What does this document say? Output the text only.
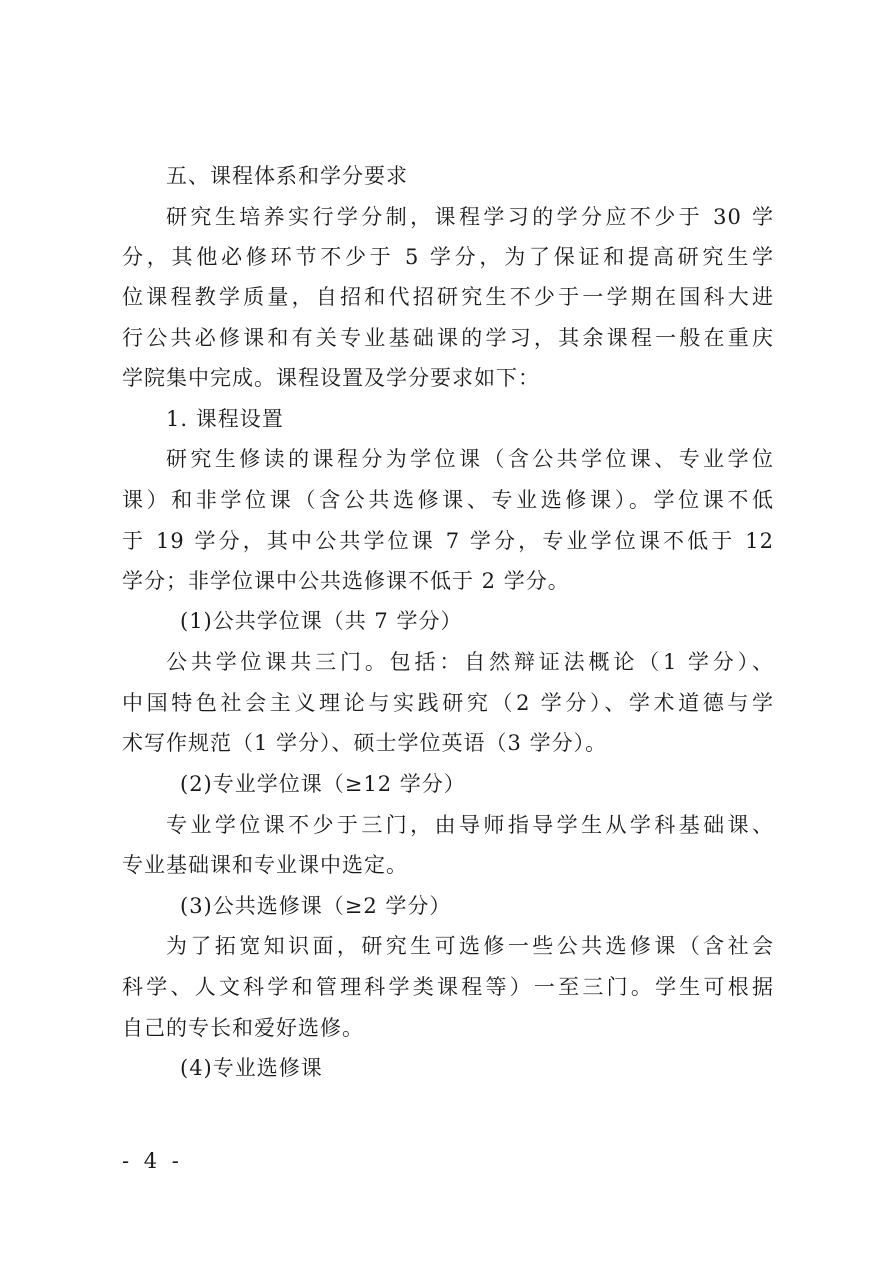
五、课程体系和学分要求
研究生培养实行学分制，课程学习的学分应不少于 30 学
分，其他必修环节不少于 5 学分，为了保证和提高研究生学
位课程教学质量，自招和代招研究生不少于一学期在国科大进
行公共必修课和有关专业基础课的学习，其余课程一般在重庆
学院集中完成。课程设置及学分要求如下：
1. 课程设置
研究生修读的课程分为学位课（含公共学位课、专业学位
课）和非学位课（含公共选修课、专业选修课）。学位课不低
于 19 学分，其中公共学位课 7 学分，专业学位课不低于 12
学分；非学位课中公共选修课不低于 2 学分。
(1)公共学位课（共 7 学分）
公共学位课共三门。包括：自然辩证法概论（1 学分）、
中国特色社会主义理论与实践研究（2 学分）、学术道德与学
术写作规范（1 学分）、硕士学位英语（3 学分）。
(2)专业学位课（≥12 学分）
专业学位课不少于三门，由导师指导学生从学科基础课、
专业基础课和专业课中选定。
(3)公共选修课（≥2 学分）
为了拓宽知识面，研究生可选修一些公共选修课（含社会
科学、人文科学和管理科学类课程等）一至三门。学生可根据
自己的专长和爱好选修。
(4)专业选修课
- 4 -
